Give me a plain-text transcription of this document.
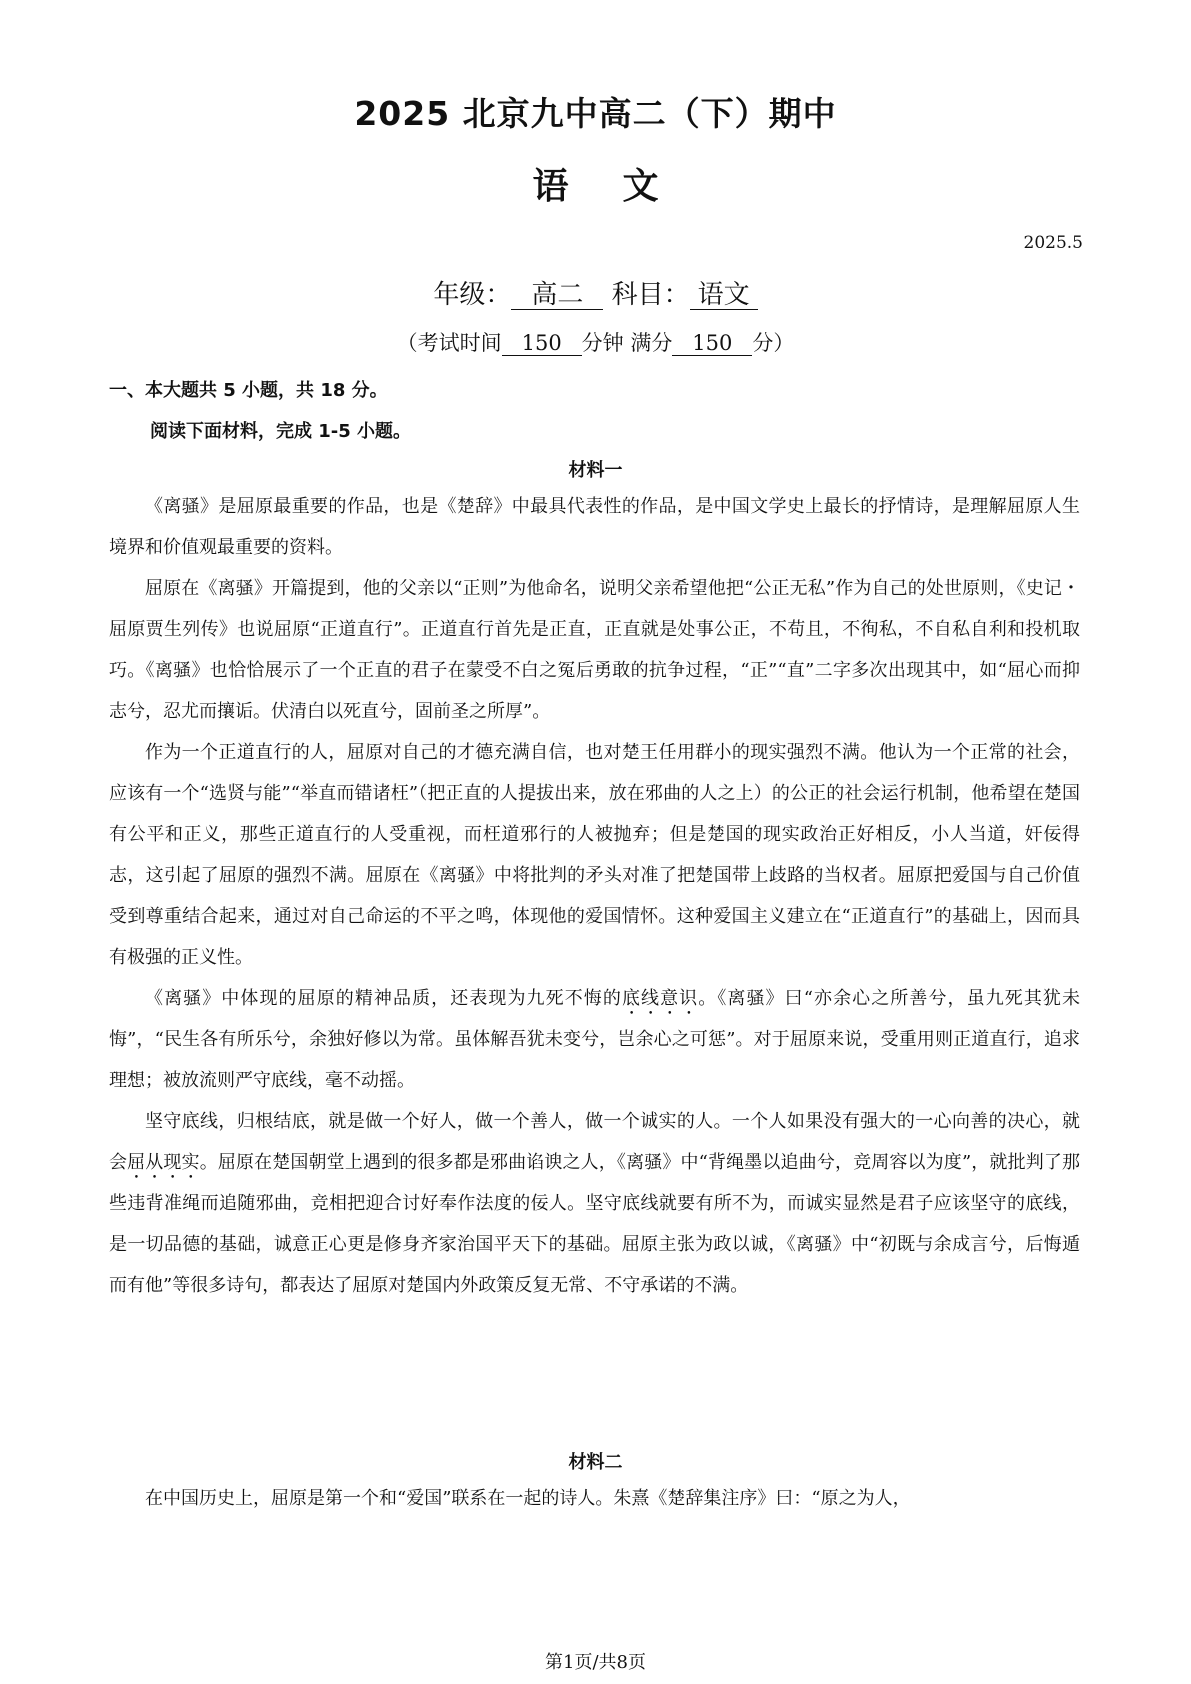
2025 北京九中高二（下）期中
语文
2025.5
年级： 高二 科目： 语文
（考试时间 150 分钟 满分 150 分）
一、本大题共 5 小题，共 18 分。
阅读下面材料，完成 1-5 小题。
材料一

《离骚》是屈原最重要的作品，也是《楚辞》中最具代表性的作品，是中国文学史上最长的抒情诗，是理解屈原人生境界和价值观最重要的资料。

屈原在《离骚》开篇提到，他的父亲以“正则”为他命名，说明父亲希望他把“公正无私”作为自己的处世原则，《史记・屈原贾生列传》也说屈原“正道直行”。正道直行首先是正直，正直就是处事公正，不苟且，不徇私，不自私自利和投机取巧。《离骚》也恰恰展示了一个正直的君子在蒙受不白之冤后勇敢的抗争过程，“正”“直”二字多次出现其中，如“屈心而抑志兮，忍尤而攘诟。伏清白以死直兮，固前圣之所厚”。

作为一个正道直行的人，屈原对自己的才德充满自信，也对楚王任用群小的现实强烈不满。他认为一个正常的社会，应该有一个“选贤与能”“举直而错诸枉”（把正直的人提拔出来，放在邪曲的人之上）的公正的社会运行机制，他希望在楚国有公平和正义，那些正道直行的人受重视，而枉道邪行的人被抛弃；但是楚国的现实政治正好相反，小人当道，奸佞得志，这引起了屈原的强烈不满。屈原在《离骚》中将批判的矛头对准了把楚国带上歧路的当权者。屈原把爱国与自己价值受到尊重结合起来，通过对自己命运的不平之鸣，体现他的爱国情怀。这种爱国主义建立在“正道直行”的基础上，因而具有极强的正义性。

《离骚》中体现的屈原的精神品质，还表现为九死不悔的底线意识。《离骚》曰“亦余心之所善兮，虽九死其犹未悔”，“民生各有所乐兮，余独好修以为常。虽体解吾犹未变兮，岂余心之可惩”。对于屈原来说，受重用则正道直行，追求理想；被放流则严守底线，毫不动摇。

坚守底线，归根结底，就是做一个好人，做一个善人，做一个诚实的人。一个人如果没有强大的一心向善的决心，就会屈从现实。屈原在楚国朝堂上遇到的很多都是邪曲谄谀之人，《离骚》中“背绳墨以追曲兮，竞周容以为度”，就批判了那些违背准绳而追随邪曲，竞相把迎合讨好奉作法度的佞人。坚守底线就要有所不为，而诚实显然是君子应该坚守的底线，是一切品德的基础，诚意正心更是修身齐家治国平天下的基础。屈原主张为政以诚，《离骚》中“初既与余成言兮，后悔遁而有他”等很多诗句，都表达了屈原对楚国内外政策反复无常、不守承诺的不满。

材料二

在中国历史上，屈原是第一个和“爱国”联系在一起的诗人。朱熹《楚辞集注序》曰：“原之为人，

第1页/共8页
